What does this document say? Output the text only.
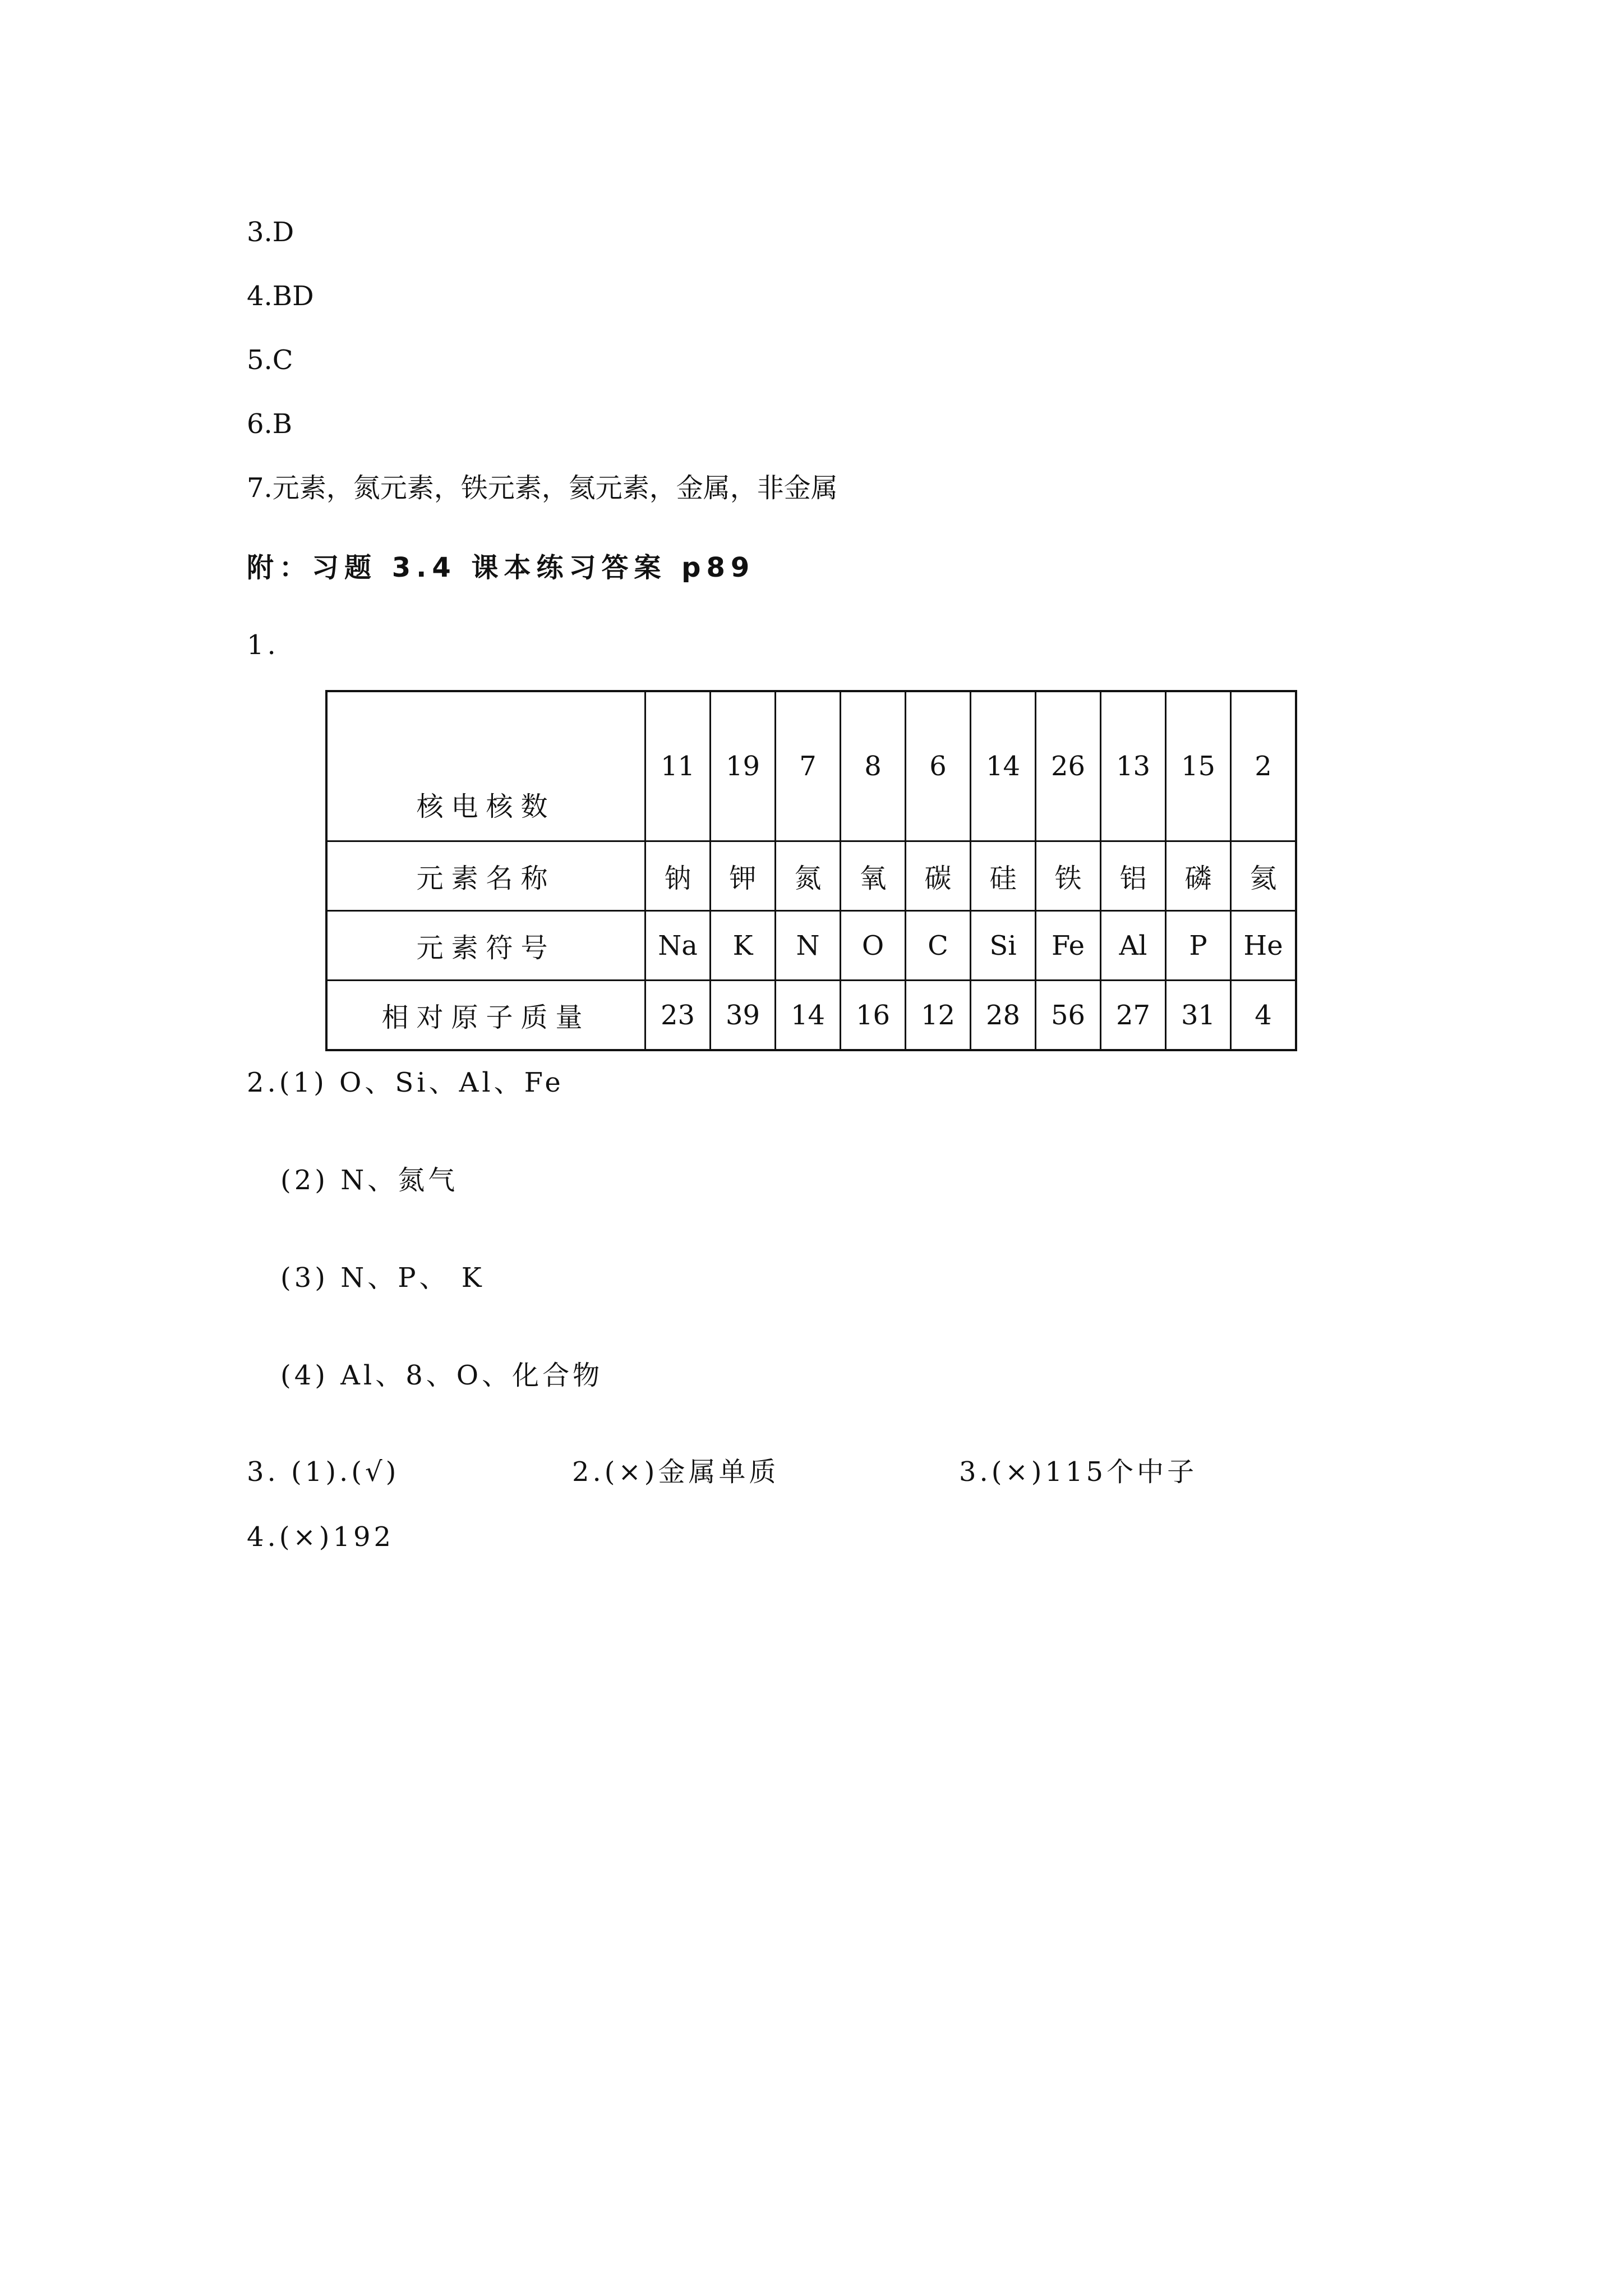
3.D
4.BD
5.C
6.B
7.元素，氮元素，铁元素，氦元素，金属，非金属
附：习题 3.4 课本练习答案 p89
1.
核电核数	11	19	7	8	6	14	26	13	15	2
元素名称	钠	钾	氮	氧	碳	硅	铁	铝	磷	氦
元素符号	Na	K	N	O	C	Si	Fe	Al	P	He
相对原子质量	23	39	14	16	12	28	56	27	31	4
2.(1) O、Si、Al、Fe
(2) N、氮气
(3) N、P、 K
(4) Al、8、O、化合物
3. (1).(√)	2.(×)金属单质	3.(×)115个中子
4.(×)192
